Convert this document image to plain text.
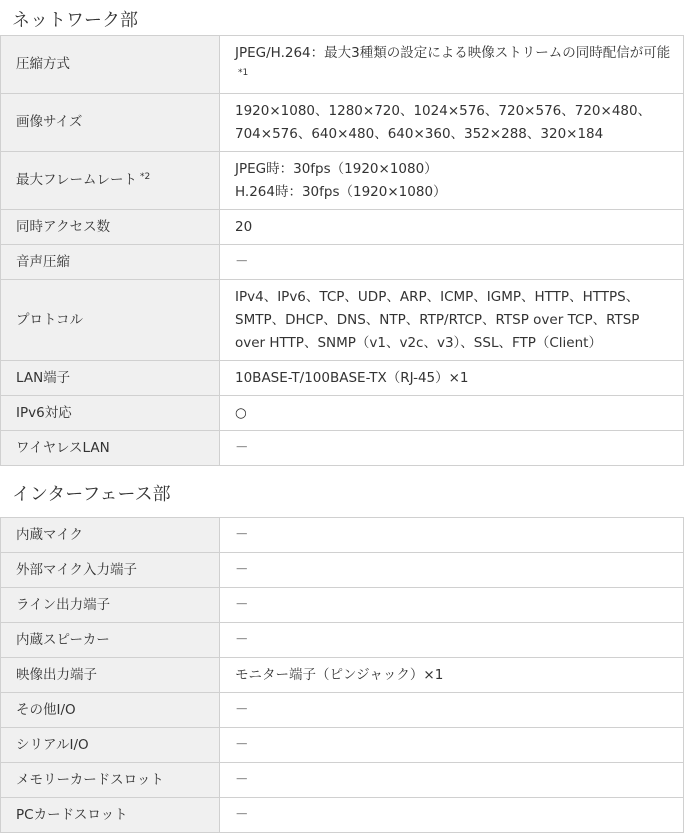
ネットワーク部
圧縮方式	JPEG/H.264：最大3種類の設定による映像ストリームの同時配信が可能$^{*1}$

画像サイズ	1920×1080、1280×720、1024×576、720×576、720×480、
704×576、640×480、640×360、352×288、320×184

最大フレームレート $^{*2}$	JPEG時：30fps（1920×1080）
H.264時：30fps（1920×1080）

同時アクセス数	20

音声圧縮	－

プロトコル	IPv4、IPv6、TCP、UDP、ARP、ICMP、IGMP、HTTP、HTTPS、
SMTP、DHCP、DNS、NTP、RTP/RTCP、RTSP over TCP、RTSP
over HTTP、SNMP（v1、v2c、v3）、SSL、FTP（Client）

LAN端子	10BASE-T/100BASE-TX（RJ-45）×1

IPv6対応	○

ワイヤレスLAN	－
インターフェース部
内蔵マイク	－

外部マイク入力端子	－

ライン出力端子	－

内蔵スピーカー	－

映像出力端子	モニター端子（ピンジャック）×1

その他I/O	－

シリアルI/O	－

メモリーカードスロット	－

PCカードスロット	－
